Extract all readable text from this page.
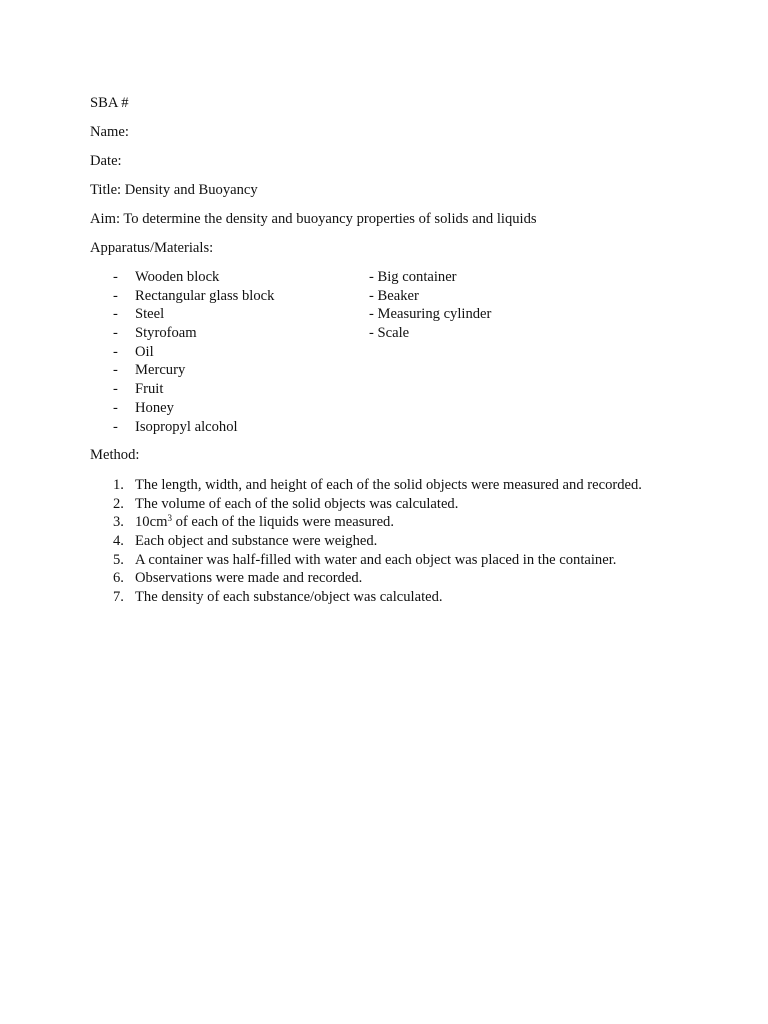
SBA #

Name:

Date:

Title: Density and Buoyancy

Aim: To determine the density and buoyancy properties of solids and liquids

Apparatus/Materials:

- Wooden block	- Big container
- Rectangular glass block	- Beaker
- Steel	- Measuring cylinder
- Styrofoam	- Scale
- Oil
- Mercury
- Fruit
- Honey
- Isopropyl alcohol

Method:

1. The length, width, and height of each of the solid objects were measured and recorded.
2. The volume of each of the solid objects was calculated.
3. $10cm^3$ of each of the liquids were measured.
4. Each object and substance were weighed.
5. A container was half-filled with water and each object was placed in the container.
6. Observations were made and recorded.
7. The density of each substance/object was calculated.
